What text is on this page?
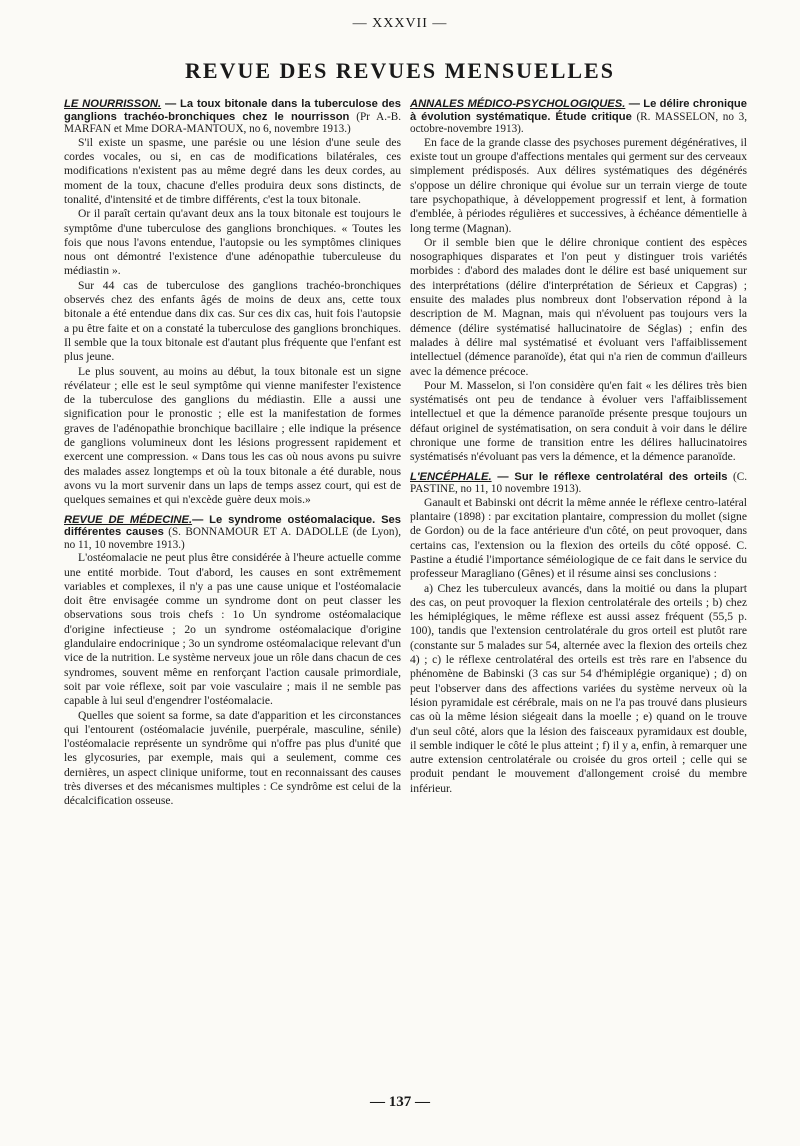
— XXXVII —
REVUE DES REVUES MENSUELLES

LE NOURRISSON. — La toux bitonale dans la tuberculose des ganglions trachéo-bronchiques chez le nourrisson (Pr A.-B. MARFAN et Mme DORA-MANTOUX, no 6, novembre 1913.)

S'il existe un spasme, une parésie ou une lésion d'une seule des cordes vocales, ou si, en cas de modifications bilatérales, ces modifications n'existent pas au même degré dans les deux cordes, au moment de la toux, chacune d'elles produira deux sons distincts, de tonalité, d'intensité et de timbre différents, c'est la toux bitonale.

Or il paraît certain qu'avant deux ans la toux bitonale est toujours le symptôme d'une tuberculose des ganglions bronchiques. « Toutes les fois que nous l'avons entendue, l'autopsie ou les symptômes cliniques nous ont démontré l'existence d'une adénopathie tuberculeuse du médiastin ».

Sur 44 cas de tuberculose des ganglions trachéo-bronchiques observés chez des enfants âgés de moins de deux ans, cette toux bitonale a été entendue dans dix cas. Sur ces dix cas, huit fois l'autopsie a pu être faite et on a constaté la tuberculose des ganglions bronchiques. Il semble que la toux bitonale est d'autant plus fréquente que l'enfant est plus jeune.

Le plus souvent, au moins au début, la toux bitonale est un signe révélateur ; elle est le seul symptôme qui vienne manifester l'existence de la tuberculose des ganglions du médiastin. Elle a aussi une signification pour le pronostic ; elle est la manifestation de formes graves de l'adénopathie bronchique bacillaire ; elle indique la présence de ganglions volumineux dont les lésions progressent rapidement et exercent une compression. « Dans tous les cas où nous avons pu suivre des malades assez longtemps et où la toux bitonale a été durable, nous avons vu la mort survenir dans un laps de temps assez court, qui est de quelques semaines et qui n'excède guère deux mois.»

REVUE DE MÉDECINE.— Le syndrome ostéomalacique. Ses différentes causes (S. BONNAMOUR ET A. DADOLLE (de Lyon), no 11, 10 novembre 1913.)

L'ostéomalacie ne peut plus être considérée à l'heure actuelle comme une entité morbide. Tout d'abord, les causes en sont extrêmement variables et complexes, il n'y a pas une cause unique et l'ostéomalacie doit être envisagée comme un syndrome dont on peut classer les observations sous trois chefs : 1o Un syndrome ostéomalacique d'origine infectieuse ; 2o un syndrome ostéomalacique d'origine glandulaire endocrinique ; 3o un syndrome ostéomalacique relevant d'un vice de la nutrition. Le système nerveux joue un rôle dans chacun de ces syndromes, souvent même en renforçant l'action causale primordiale, soit par voie réflexe, soit par voie vasculaire ; mais il ne semble pas capable à lui seul d'engendrer l'ostéomalacie.

Quelles que soient sa forme, sa date d'apparition et les circonstances qui l'entourent (ostéomalacie juvénile, puerpérale, masculine, sénile) l'ostéomalacie représente un syndrôme qui n'offre pas plus d'unité que les glycosuries, par exemple, mais qui a seulement, comme ces dernières, un aspect clinique uniforme, tout en reconnaissant des causes très diverses et des mécanismes multiples : Ce syndrôme est celui de la décalcification osseuse.

ANNALES MÉDICO-PSYCHOLOGIQUES. — Le délire chronique à évolution systématique. Étude critique (R. MASSELON, no 3, octobre-novembre 1913).

En face de la grande classe des psychoses purement dégénératives, il existe tout un groupe d'affections mentales qui germent sur des cerveaux simplement prédisposés. Aux délires systématiques des dégénérés s'oppose un délire chronique qui évolue sur un terrain vierge de toute tare psychopathique, à développement progressif et lent, à formation d'emblée, à périodes régulières et successives, à échéance démentielle à long terme (Magnan).

Or il semble bien que le délire chronique contient des espèces nosographiques disparates et l'on peut y distinguer trois variétés morbides : d'abord des malades dont le délire est basé uniquement sur des interprétations (délire d'interprétation de Sérieux et Capgras) ; ensuite des malades plus nombreux dont l'observation répond à la description de M. Magnan, mais qui n'évoluent pas toujours vers la démence (délire systématisé hallucinatoire de Séglas) ; enfin des malades à délire mal systématisé et évoluant vers l'affaiblissement intellectuel (démence paranoïde), état qui n'a rien de commun d'ailleurs avec la démence précoce.

Pour M. Masselon, si l'on considère qu'en fait « les délires très bien systématisés ont peu de tendance à évoluer vers l'affaiblissement intellectuel et que la démence paranoïde présente presque toujours un défaut originel de systématisation, on sera conduit à voir dans le délire chronique une forme de transition entre les délires hallucinatoires systématisés n'évoluant pas vers la démence, et la démence paranoïde.

L'ENCÉPHALE. — Sur le réflexe centrolatéral des orteils (C. PASTINE, no 11, 10 novembre 1913).

Ganault et Babinski ont décrit la même année le réflexe centro-latéral plantaire (1898) : par excitation plantaire, compression du mollet (signe de Gordon) ou de la face antérieure d'un côté, on peut provoquer, dans certains cas, l'extension ou la flexion des orteils du côté opposé. C. Pastine a étudié l'importance séméiologique de ce fait dans le service du professeur Maragliano (Gênes) et il résume ainsi ses conclusions :

a) Chez les tuberculeux avancés, dans la moitié ou dans la plupart des cas, on peut provoquer la flexion centrolatérale des orteils ; b) chez les hémiplégiques, le même réflexe est aussi assez fréquent (55,5 p. 100), tandis que l'extension centrolatérale du gros orteil est plutôt rare (constante sur 5 malades sur 54, alternée avec la flexion des orteils chez 4) ; c) le réflexe centrolatéral des orteils est très rare en l'absence du phénomène de Babinski (3 cas sur 54 d'hémiplégie organique) ; d) on peut l'observer dans des affections variées du système nerveux où la lésion pyramidale est cérébrale, mais on ne l'a pas trouvé dans plusieurs cas où la même lésion siégeait dans la moelle ; e) quand on le trouve d'un seul côté, alors que la lésion des faisceaux pyramidaux est double, il semble indiquer le côté le plus atteint ; f) il y a, enfin, à remarquer une autre extension centrolatérale ou croisée du gros orteil ; celle qui se produit pendant le mouvement d'allongement croisé du membre inférieur.

— 137 —
